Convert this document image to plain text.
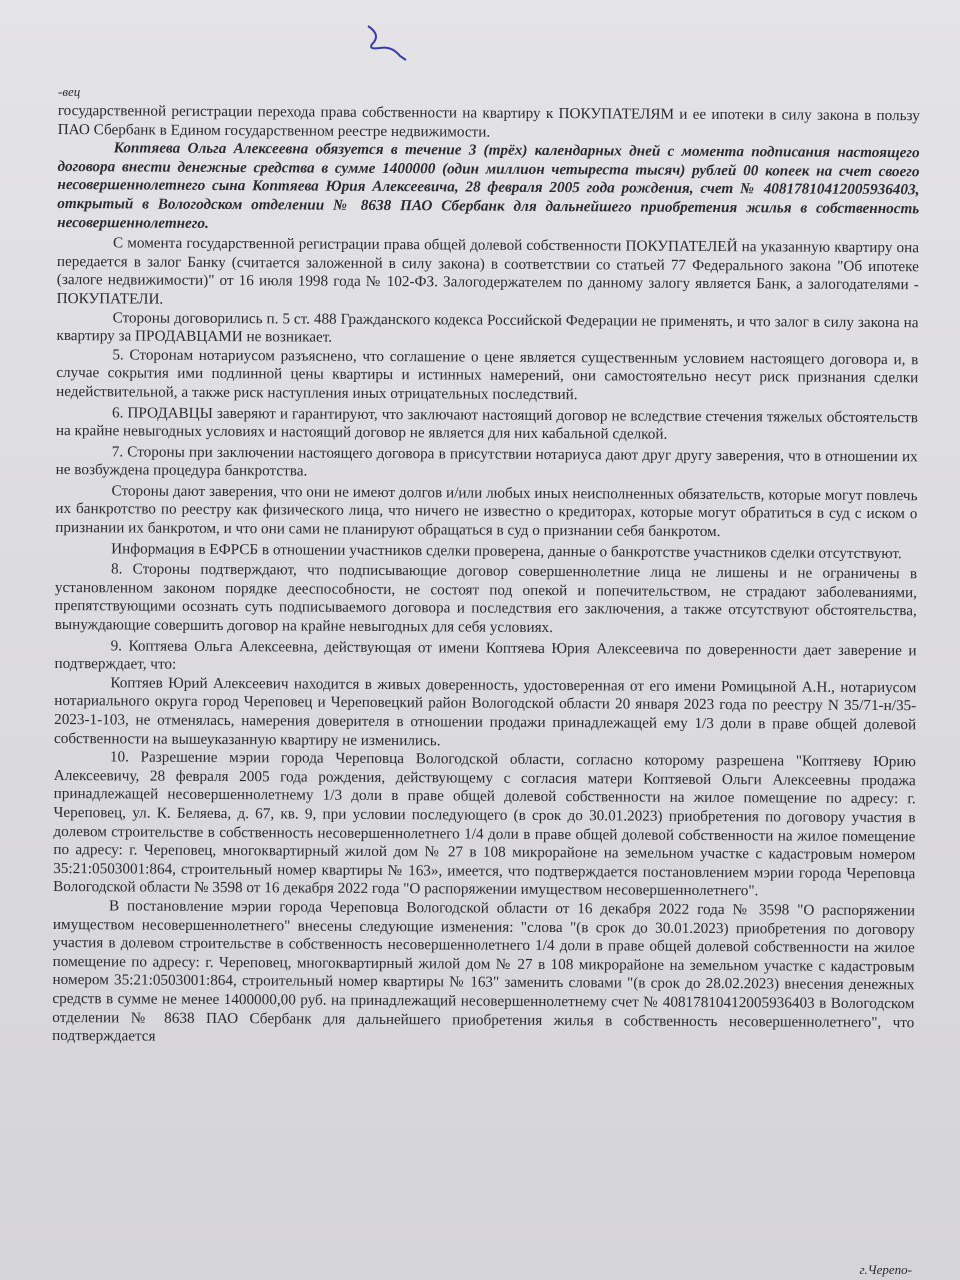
-вец

государственной регистрации перехода права собственности на квартиру к ПОКУПАТЕЛЯМ и ее ипотеки в силу закона в пользу ПАО Сбербанк в Едином государственном реестре недвижимости.

Коптяева Ольга Алексеевна обязуется в течение 3 (трёх) календарных дней с момента подписания настоящего договора внести денежные средства в сумме 1400000 (один миллион четыреста тысяч) рублей 00 копеек на счет своего несовершеннолетнего сына Коптяева Юрия Алексеевича, 28 февраля 2005 года рождения, счет № 40817810412005936403, открытый в Вологодском отделении № 8638 ПАО Сбербанк для дальнейшего приобретения жилья в собственность несовершеннолетнего.

С момента государственной регистрации права общей долевой собственности ПОКУПАТЕЛЕЙ на указанную квартиру она передается в залог Банку (считается заложенной в силу закона) в соответствии со статьей 77 Федерального закона "Об ипотеке (залоге недвижимости)" от 16 июля 1998 года № 102-ФЗ. Залогодержателем по данному залогу является Банк, а залогодателями - ПОКУПАТЕЛИ.

Стороны договорились п. 5 ст. 488 Гражданского кодекса Российской Федерации не применять, и что залог в силу закона на квартиру за ПРОДАВЦАМИ не возникает.

5. Сторонам нотариусом разъяснено, что соглашение о цене является существенным условием настоящего договора и, в случае сокрытия ими подлинной цены квартиры и истинных намерений, они самостоятельно несут риск признания сделки недействительной, а также риск наступления иных отрицательных последствий.

6. ПРОДАВЦЫ заверяют и гарантируют, что заключают настоящий договор не вследствие стечения тяжелых обстоятельств на крайне невыгодных условиях и настоящий договор не является для них кабальной сделкой.

7. Стороны при заключении настоящего договора в присутствии нотариуса дают друг другу заверения, что в отношении их не возбуждена процедура банкротства.

Стороны дают заверения, что они не имеют долгов и/или любых иных неисполненных обязательств, которые могут повлечь их банкротство по реестру как физического лица, что ничего не известно о кредиторах, которые могут обратиться в суд с иском о признании их банкротом, и что они сами не планируют обращаться в суд о признании себя банкротом.

Информация в ЕФРСБ в отношении участников сделки проверена, данные о банкротстве участников сделки отсутствуют.

8. Стороны подтверждают, что подписывающие договор совершеннолетние лица не лишены и не ограничены в установленном законом порядке дееспособности, не состоят под опекой и попечительством, не страдают заболеваниями, препятствующими осознать суть подписываемого договора и последствия его заключения, а также отсутствуют обстоятельства, вынуждающие совершить договор на крайне невыгодных для себя условиях.

9. Коптяева Ольга Алексеевна, действующая от имени Коптяева Юрия Алексеевича по доверенности дает заверение и подтверждает, что:

Коптяев Юрий Алексеевич находится в живых доверенность, удостоверенная от его имени Ромицыной А.Н., нотариусом нотариального округа город Череповец и Череповецкий район Вологодской области 20 января 2023 года по реестру N 35/71-н/35-2023-1-103, не отменялась, намерения доверителя в отношении продажи принадлежащей ему 1/3 доли в праве общей долевой собственности на вышеуказанную квартиру не изменились.

10. Разрешение мэрии города Череповца Вологодской области, согласно которому разрешена "Коптяеву Юрию Алексеевичу, 28 февраля 2005 года рождения, действующему с согласия матери Коптяевой Ольги Алексеевны продажа принадлежащей несовершеннолетнему 1/3 доли в праве общей долевой собственности на жилое помещение по адресу: г. Череповец, ул. К. Беляева, д. 67, кв. 9, при условии последующего (в срок до 30.01.2023) приобретения по договору участия в долевом строительстве в собственность несовершеннолетнего 1/4 доли в праве общей долевой собственности на жилое помещение по адресу: г. Череповец, многоквартирный жилой дом № 27 в 108 микрорайоне на земельном участке с кадастровым номером 35:21:0503001:864, строительный номер квартиры № 163», имеется, что подтверждается постановлением мэрии города Череповца Вологодской области № 3598 от 16 декабря 2022 года "О распоряжении имуществом несовершеннолетнего".

В постановление мэрии города Череповца Вологодской области от 16 декабря 2022 года № 3598 "О распоряжении имуществом несовершеннолетнего" внесены следующие изменения: "слова "(в срок до 30.01.2023) приобретения по договору участия в долевом строительстве в собственность несовершеннолетнего 1/4 доли в праве общей долевой собственности на жилое помещение по адресу: г. Череповец, многоквартирный жилой дом № 27 в 108 микрорайоне на земельном участке с кадастровым номером 35:21:0503001:864, строительный номер квартиры № 163" заменить словами "(в срок до 28.02.2023) внесения денежных средств в сумме не менее 1400000,00 руб. на принадлежащий несовершеннолетнему счет № 40817810412005936403 в Вологодском отделении № 8638 ПАО Сбербанк для дальнейшего приобретения жилья в собственность несовершеннолетнего", что подтверждается

г.Черепо-
